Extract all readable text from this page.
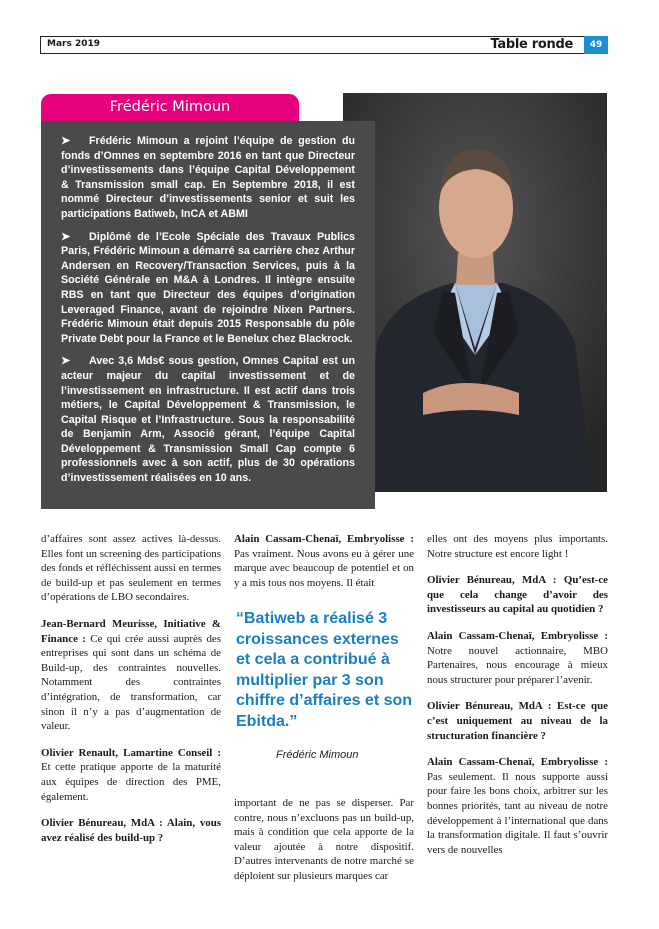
Mars 2019	Table ronde	49
Frédéric Mimoun

➤ Frédéric Mimoun a rejoint l’équipe de gestion du fonds d’Omnes en septembre 2016 en tant que Directeur d’investissements dans l’équipe Capital Développement & Transmission small cap. En Septembre 2018, il est nommé Directeur d’investissements senior et suit les participations Batiweb, InCA et ABMI

➤ Diplômé de l’Ecole Spéciale des Travaux Publics Paris, Frédéric Mimoun a démarré sa carrière chez Arthur Andersen en Recovery/Transaction Services, puis à la Société Générale en M&A à Londres. Il intègre ensuite RBS en tant que Directeur des équipes d’origination Leveraged Finance, avant de rejoindre Nixen Partners. Frédéric Mimoun était depuis 2015 Responsable du pôle Private Debt pour la France et le Benelux chez Blackrock.

➤ Avec 3,6 Mds€ sous gestion, Omnes Capital est un acteur majeur du capital investissement et de l’investissement en infrastructure. Il est actif dans trois métiers, le Capital Développement & Transmission, le Capital Risque et l’Infrastructure. Sous la responsabilité de Benjamin Arm, Associé gérant, l’équipe Capital Développement & Transmission Small Cap compte 6 professionnels avec à son actif, plus de 30 opérations d’investissement réalisées en 10 ans.

d’affaires sont assez actives là-dessus. Elles font un screening des participations des fonds et réfléchissent aussi en termes de build-up et pas seulement en termes d’opérations de LBO secondaires.

Jean-Bernard Meurisse, Initiative & Finance : Ce qui crée aussi auprès des entreprises qui sont dans un schéma de Build-up, des contraintes nouvelles. Notamment des contraintes d’intégration, de transformation, car sinon il n’y a pas d’augmentation de valeur.

Olivier Renault, Lamartine Conseil : Et cette pratique apporte de la maturité aux équipes de direction des PME, également.

Olivier Bénureau, MdA : Alain, vous avez réalisé des build-up ?

Alain Cassam-Chenaï, Embryolisse : Pas vraiment. Nous avons eu à gérer une marque avec beaucoup de potentiel et on y a mis tous nos moyens. Il était

“Batiweb a réalisé 3 croissances externes et cela a contribué à multiplier par 3 son chiffre d’affaires et son Ebitda.”
Frédéric Mimoun

important de ne pas se disperser. Par contre, nous n’excluons pas un build-up, mais à condition que cela apporte de la valeur ajoutée à notre dispositif. D’autres intervenants de notre marché se déploient sur plusieurs marques car

elles ont des moyens plus importants. Notre structure est encore light !

Olivier Bénureau, MdA : Qu’est-ce que cela change d’avoir des investisseurs au capital au quotidien ?

Alain Cassam-Chenaï, Embryolisse : Notre nouvel actionnaire, MBO Partenaires, nous encourage à mieux nous structurer pour préparer l’avenir.

Olivier Bénureau, MdA : Est-ce que c’est uniquement au niveau de la structuration financière ?

Alain Cassam-Chenaï, Embryolisse : Pas seulement. Il nous supporte aussi pour faire les bons choix, arbitrer sur les bonnes priorités, tant au niveau de notre développement à l’international que dans la transformation digitale. Il faut s’ouvrir vers de nouvelles
